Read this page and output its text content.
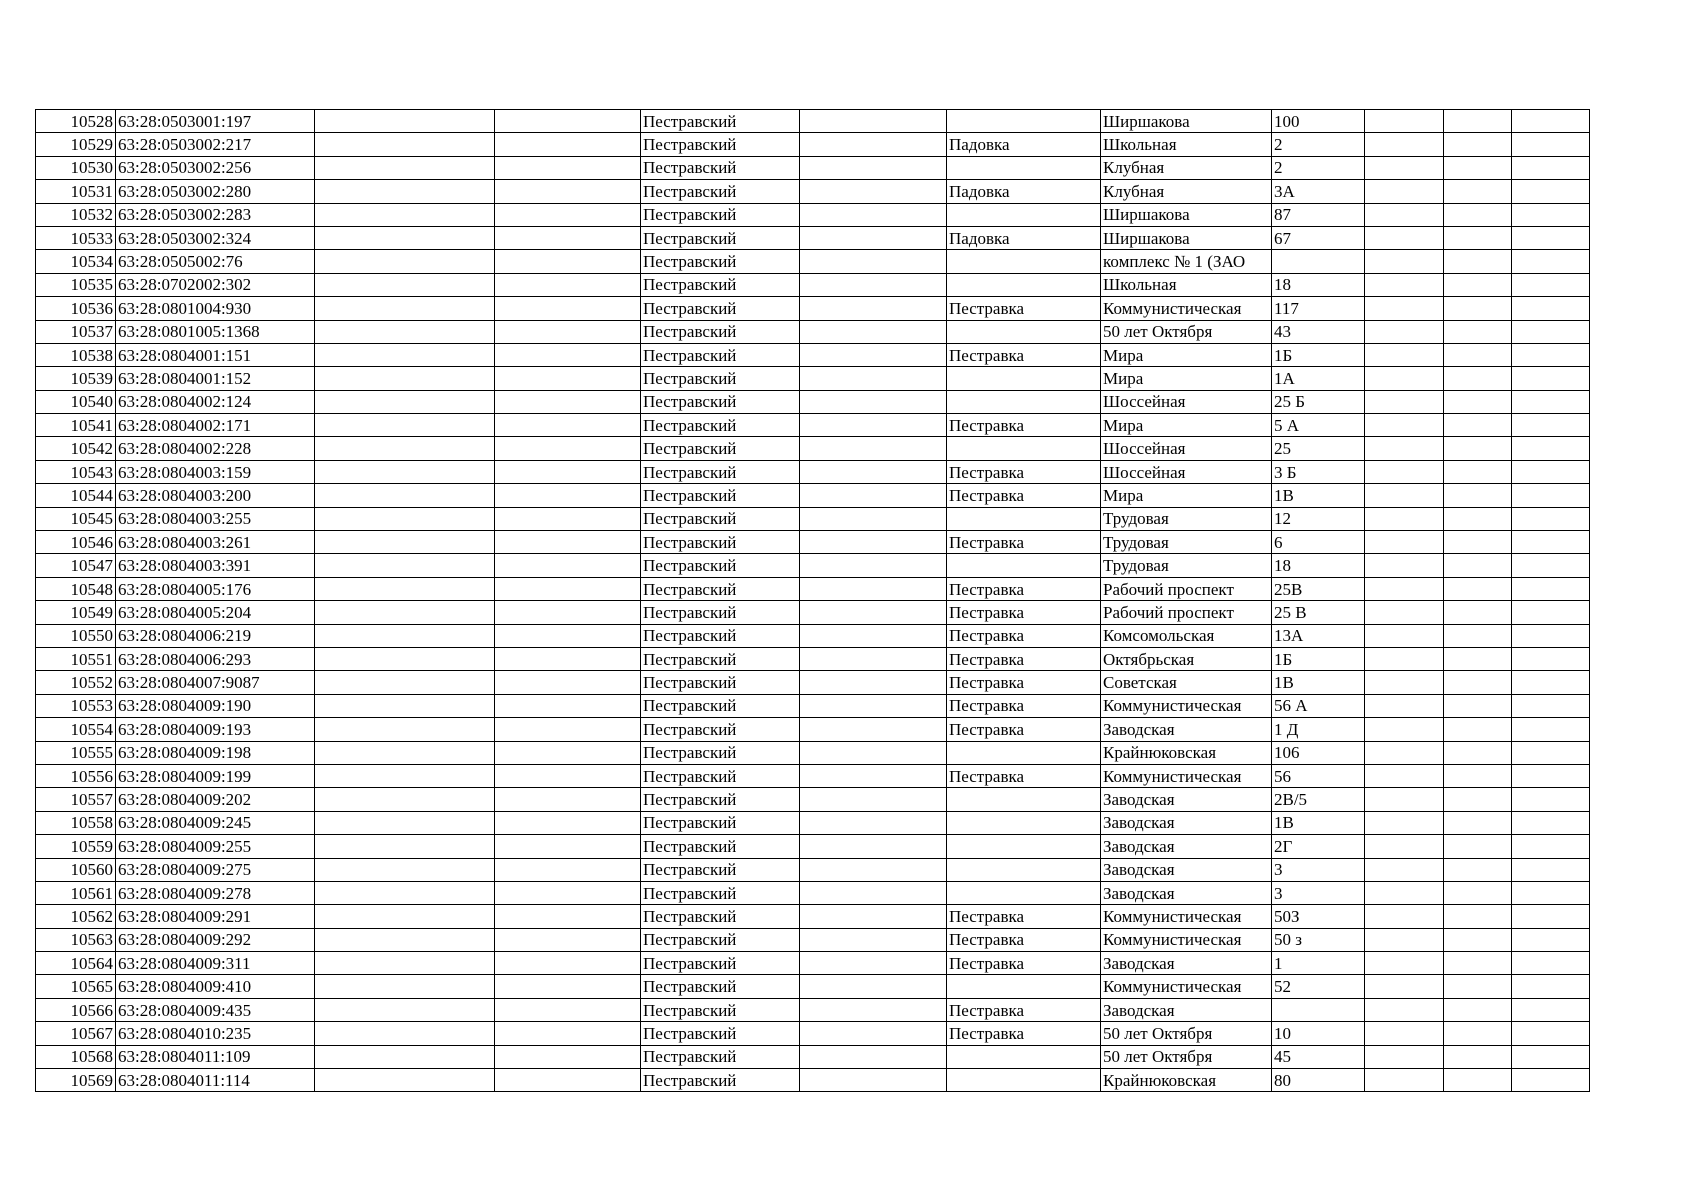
10528	63:28:0503001:197			Пестравский			Ширшакова	100			
10529	63:28:0503002:217			Пестравский		Падовка	Школьная	2			
10530	63:28:0503002:256			Пестравский			Клубная	2			
10531	63:28:0503002:280			Пестравский		Падовка	Клубная	3А			
10532	63:28:0503002:283			Пестравский			Ширшакова	87			
10533	63:28:0503002:324			Пестравский		Падовка	Ширшакова	67			
10534	63:28:0505002:76			Пестравский			комплекс № 1 (ЗАО				
10535	63:28:0702002:302			Пестравский			Школьная	18			
10536	63:28:0801004:930			Пестравский		Пестравка	Коммунистическая	117			
10537	63:28:0801005:1368			Пестравский			50 лет Октября	43			
10538	63:28:0804001:151			Пестравский		Пестравка	Мира	1Б			
10539	63:28:0804001:152			Пестравский			Мира	1А			
10540	63:28:0804002:124			Пестравский			Шоссейная	25 Б			
10541	63:28:0804002:171			Пестравский		Пестравка	Мира	5 А			
10542	63:28:0804002:228			Пестравский			Шоссейная	25			
10543	63:28:0804003:159			Пестравский		Пестравка	Шоссейная	3 Б			
10544	63:28:0804003:200			Пестравский		Пестравка	Мира	1В			
10545	63:28:0804003:255			Пестравский			Трудовая	12			
10546	63:28:0804003:261			Пестравский		Пестравка	Трудовая	6			
10547	63:28:0804003:391			Пестравский			Трудовая	18			
10548	63:28:0804005:176			Пестравский		Пестравка	Рабочий проспект	25В			
10549	63:28:0804005:204			Пестравский		Пестравка	Рабочий проспект	25 В			
10550	63:28:0804006:219			Пестравский		Пестравка	Комсомольская	13А			
10551	63:28:0804006:293			Пестравский		Пестравка	Октябрьская	1Б			
10552	63:28:0804007:9087			Пестравский		Пестравка	Советская	1В			
10553	63:28:0804009:190			Пестравский		Пестравка	Коммунистическая	56 А			
10554	63:28:0804009:193			Пестравский		Пестравка	Заводская	1 Д			
10555	63:28:0804009:198			Пестравский			Крайнюковская	106			
10556	63:28:0804009:199			Пестравский		Пестравка	Коммунистическая	56			
10557	63:28:0804009:202			Пестравский			Заводская	2В/5			
10558	63:28:0804009:245			Пестравский			Заводская	1В			
10559	63:28:0804009:255			Пестравский			Заводская	2Г			
10560	63:28:0804009:275			Пестравский			Заводская	3			
10561	63:28:0804009:278			Пестравский			Заводская	3			
10562	63:28:0804009:291			Пестравский		Пестравка	Коммунистическая	50З			
10563	63:28:0804009:292			Пестравский		Пестравка	Коммунистическая	50 з			
10564	63:28:0804009:311			Пестравский		Пестравка	Заводская	1			
10565	63:28:0804009:410			Пестравский			Коммунистическая	52			
10566	63:28:0804009:435			Пестравский		Пестравка	Заводская				
10567	63:28:0804010:235			Пестравский		Пестравка	50 лет Октября	10			
10568	63:28:0804011:109			Пестравский			50 лет Октября	45			
10569	63:28:0804011:114			Пестравский			Крайнюковская	80			
